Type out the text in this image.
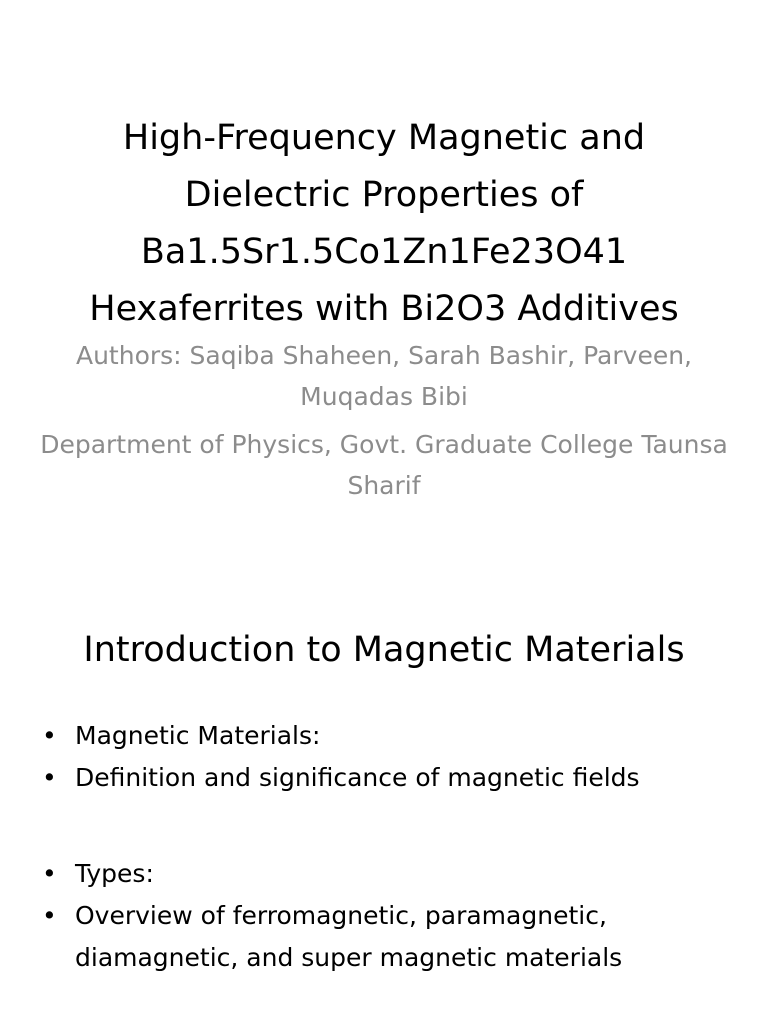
High-Frequency Magnetic and Dielectric Properties of Ba1.5Sr1.5Co1Zn1Fe23O41 Hexaferrites with Bi2O3 Additives

Authors: Saqiba Shaheen, Sarah Bashir, Parveen, Muqadas Bibi

Department of Physics, Govt. Graduate College Taunsa Sharif

Introduction to Magnetic Materials
• Magnetic Materials:
• Definition and significance of magnetic fields
• Types:
• Overview of ferromagnetic, paramagnetic, diamagnetic, and super magnetic materials
